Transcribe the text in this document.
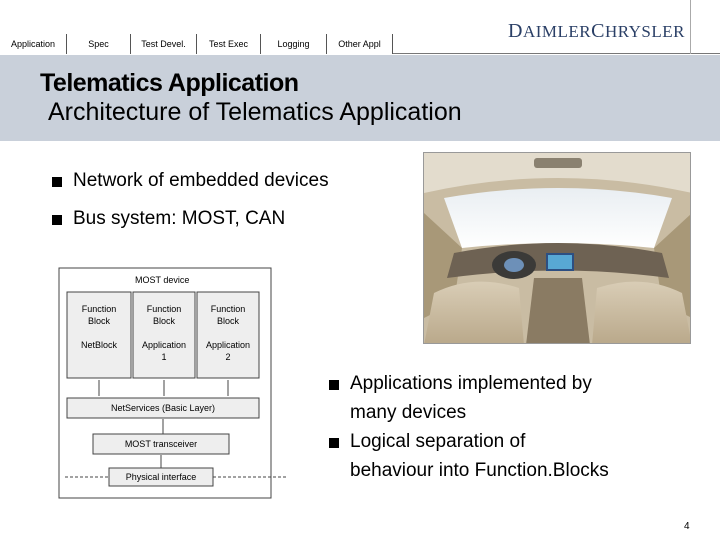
Application	Spec	Test Devel.	Test Exec	Logging	Other Appl
DAIMLERCHRYSLER
Telematics Application
Architecture of Telematics Application
Network of embedded devices
Bus system: MOST, CAN
MOST device
Function
Block
NetBlock
Function
Block
Application
1
Function
Block
Application
2
NetServices (Basic Layer)
MOST transceiver
Physical interface
Applications implemented by
many devices
Logical separation of
behaviour into Function.Blocks
4
